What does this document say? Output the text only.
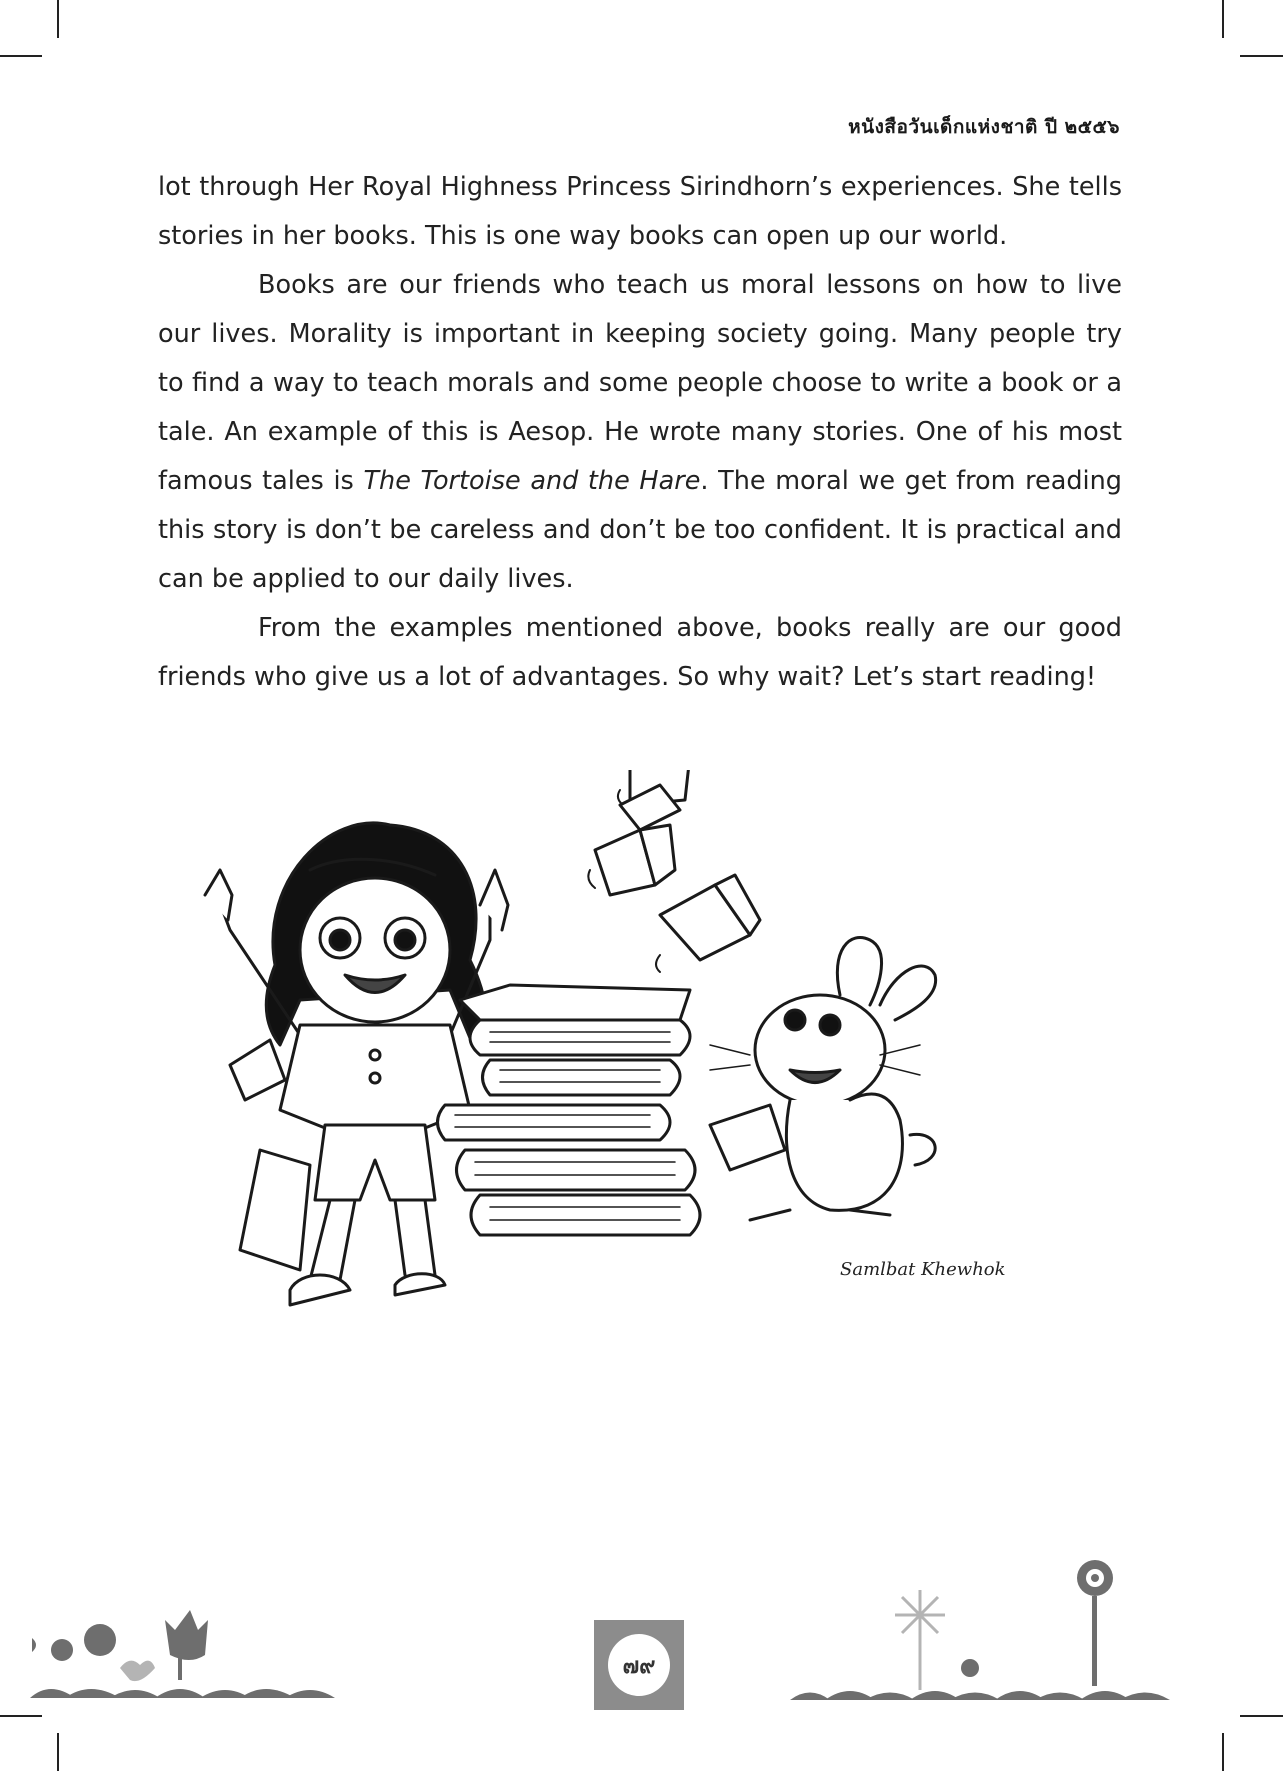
หนังสือวันเด็กแห่งชาติ ปี ๒๕๕๖

lot through Her Royal Highness Princess Sirindhorn’s experiences. She tells stories in her books. This is one way books can open up our world.

Books are our friends who teach us moral lessons on how to live our lives. Morality is important in keeping society going. Many people try to find a way to teach morals and some people choose to write a book or a tale. An example of this is Aesop. He wrote many stories. One of his most famous tales is The Tortoise and the Hare. The moral we get from reading this story is don’t be careless and don’t be too confident. It is practical and can be applied to our daily lives.

From the examples mentioned above, books really are our good friends who give us a lot of advantages. So why wait? Let’s start reading!

Samlbat Khewhok
๗๙
